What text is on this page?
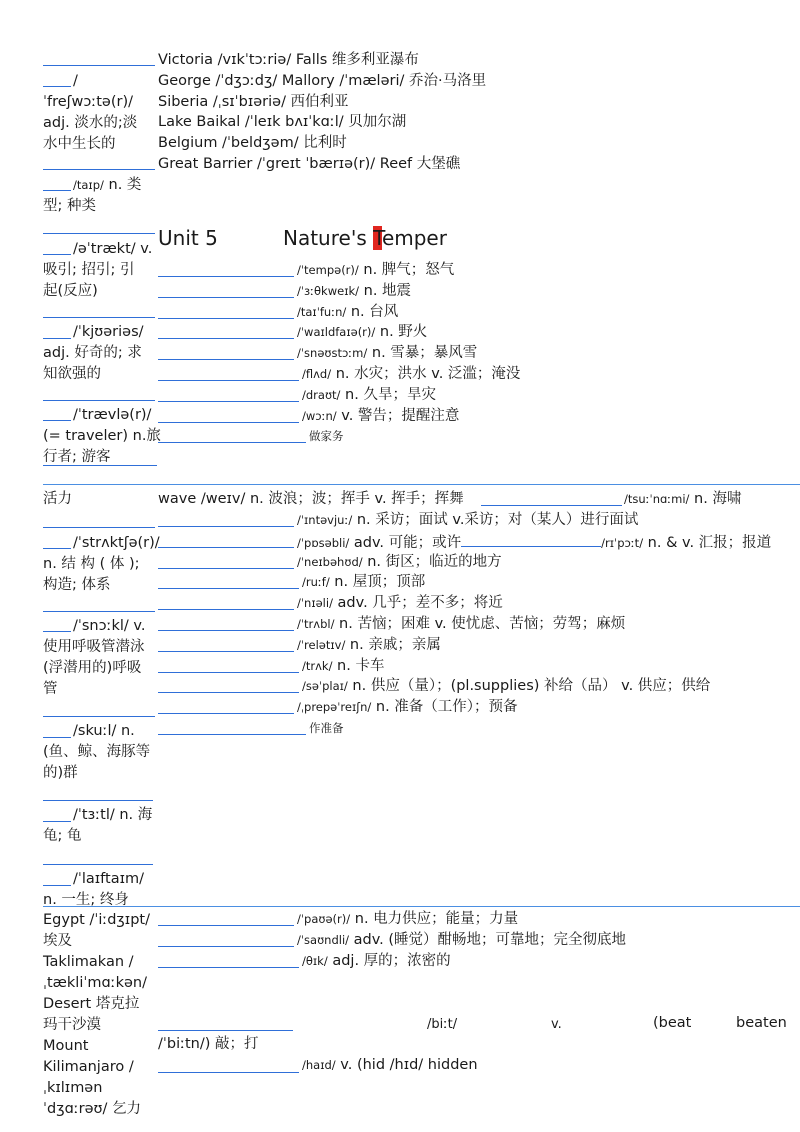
/
ˈfreʃwɔːtə(r)/
adj. 淡水的;淡
水中生长的
/taɪp/ n. 类
型; 种类
/əˈtrækt/ v.
吸引; 招引; 引
起(反应)
/ˈkjʊəriəs/
adj. 好奇的; 求
知欲强的
/ˈtrævlə(r)/
(= traveler) n.旅
行者; 游客
活力
/ˈstrʌktʃə(r)/
n. 结 构 ( 体 );
构造; 体系
/ˈsnɔːkl/ v.
使用呼吸管潜泳
(浮潜用的)呼吸
管
/skuːl/ n.
(鱼、鲸、海豚等
的)群
/ˈtɜːtl/ n. 海
龟; 龟
/ˈlaɪftaɪm/
n. 一生; 终身
Egypt /ˈiːdʒɪpt/
埃及
Taklimakan /
ˌtækliˈmɑːkən/
Desert 塔克拉
玛干沙漠
Mount
Kilimanjaro /
ˌkɪlɪmən
ˈdʒɑːrəʊ/ 乞力
Victoria /vɪkˈtɔːriə/ Falls 维多利亚瀑布
George /ˈdʒɔːdʒ/ Mallory /ˈmæləri/ 乔治·马洛里
Siberia /ˌsɪˈbɪəriə/ 西伯利亚
Lake Baikal /ˈleɪk bʌɪˈkɑːl/ 贝加尔湖
Belgium /ˈbeldʒəm/ 比利时
Great Barrier /ˈgreɪt ˈbærɪə(r)/ Reef 大堡礁
Unit 5	Nature's Temper
/ˈtempə(r)/ n. 脾气；怒气
/ˈɜːθkweɪk/ n. 地震
/taɪˈfuːn/ n. 台风
/ˈwaɪldfaɪə(r)/ n. 野火
/ˈsnəʊstɔːm/ n. 雪暴；暴风雪
/flʌd/ n. 水灾；洪水 v. 泛滥；淹没
/draʊt/ n. 久旱；旱灾
/wɔːn/ v. 警告；提醒注意
做家务
wave /weɪv/ n. 波浪；波；挥手 v. 挥手；挥舞	/tsuːˈnɑːmi/ n. 海啸
/ˈɪntəvjuː/ n. 采访；面试 v.采访；对（某人）进行面试
/ˈpɒsəbli/ adv. 可能；或许	/rɪˈpɔːt/ n. & v. 汇报；报道
/ˈneɪbəhʊd/ n. 街区；临近的地方
/ruːf/ n. 屋顶；顶部
/ˈnɪəli/ adv. 几乎；差不多；将近
/ˈtrʌbl/ n. 苦恼；困难 v. 使忧虑、苦恼；劳驾；麻烦
/ˈrelətɪv/ n. 亲戚；亲属
/trʌk/ n. 卡车
/səˈplaɪ/ n. 供应（量）；(pl.supplies) 补给（品） v. 供应；供给
/ˌprepəˈreɪʃn/ n. 准备（工作）；预备
作准备
/ˈpaʊə(r)/ n. 电力供应；能量；力量
/ˈsaʊndli/ adv. (睡觉）酣畅地；可靠地；完全彻底地
/θɪk/ adj. 厚的；浓密的
/biːt/	v.	(beat	beaten
/ˈbiːtn/) 敲；打
/haɪd/ v. (hid /hɪd/ hidden
